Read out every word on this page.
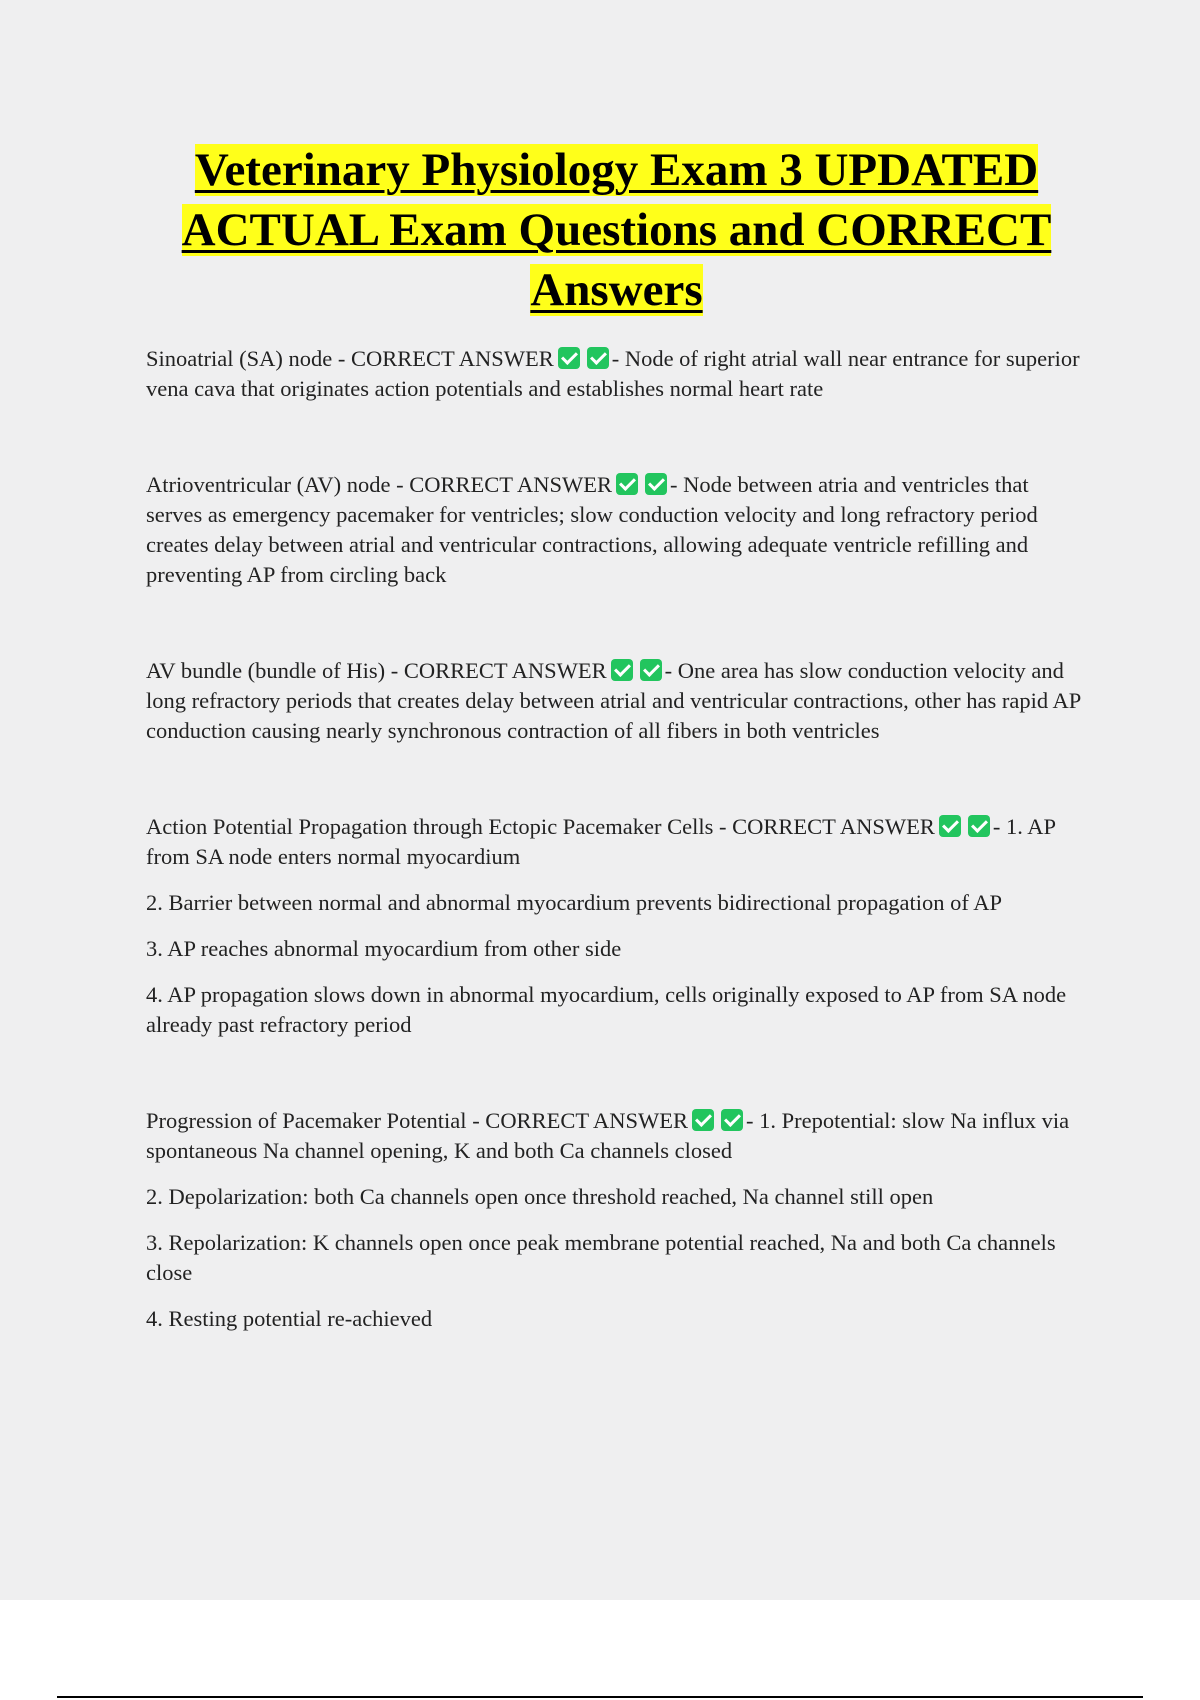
Veterinary Physiology Exam 3 UPDATED ACTUAL Exam Questions and CORRECT Answers

Sinoatrial (SA) node - CORRECT ANSWER	- Node of right atrial wall near entrance for superior vena cava that originates action potentials and establishes normal heart rate

Atrioventricular (AV) node - CORRECT ANSWER	- Node between atria and ventricles that serves as emergency pacemaker for ventricles; slow conduction velocity and long refractory period creates delay between atrial and ventricular contractions, allowing adequate ventricle refilling and preventing AP from circling back

AV bundle (bundle of His) - CORRECT ANSWER	- One area has slow conduction velocity and long refractory periods that creates delay between atrial and ventricular contractions, other has rapid AP conduction causing nearly synchronous contraction of all fibers in both ventricles

Action Potential Propagation through Ectopic Pacemaker Cells - CORRECT ANSWER	- 1. AP from SA node enters normal myocardium

2. Barrier between normal and abnormal myocardium prevents bidirectional propagation of AP

3. AP reaches abnormal myocardium from other side

4. AP propagation slows down in abnormal myocardium, cells originally exposed to AP from SA node already past refractory period

Progression of Pacemaker Potential - CORRECT ANSWER	- 1. Prepotential: slow Na influx via spontaneous Na channel opening, K and both Ca channels closed

2. Depolarization: both Ca channels open once threshold reached, Na channel still open

3. Repolarization: K channels open once peak membrane potential reached, Na and both Ca channels close

4. Resting potential re-achieved
